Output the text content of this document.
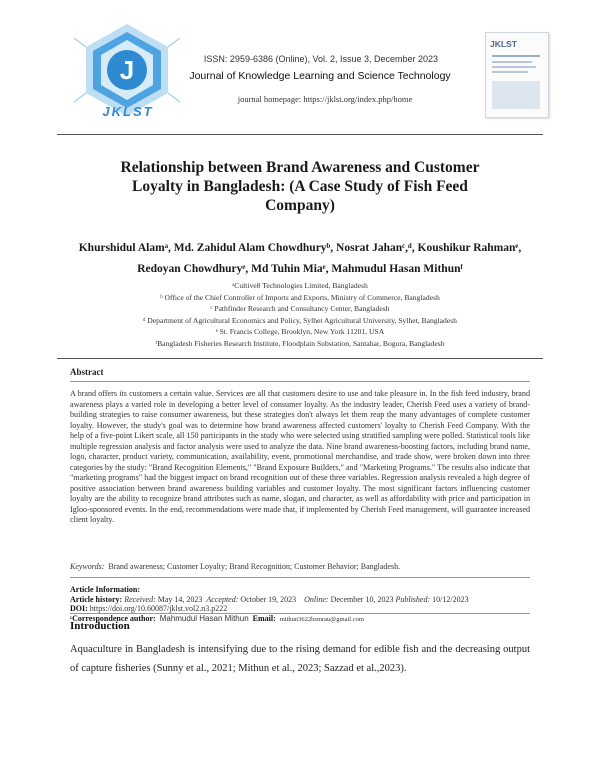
J
JKLST
ISSN: 2959-6386 (Online), Vol. 2, Issue 3, December 2023
Journal of Knowledge Learning and Science Technology
journal homepage: https://jklst.org/index.php/home
JKLST
Relationship between Brand Awareness and Customer
Loyalty in Bangladesh: (A Case Study of Fish Feed
Company)
Khurshidul Alamᵃ, Md. Zahidul Alam Chowdhuryᵇ, Nosrat Jahanᶜ,ᵈ, Koushikur Rahmanᵉ,
Redoyan Chowdhuryᵉ, Md Tuhin Miaᵉ, Mahmudul Hasan Mithunᶠ
ᵃCultive8 Technologies Limited, Bangladesh
ᵇ Office of the Chief Controller of Imports and Exports, Ministry of Commerce, Bangladesh
ᶜ Pathfinder Research and Consultancy Center, Bangladesh
ᵈ Department of Agricultural Economics and Policy, Sylhet Agricultural University, Sylhet, Bangladesh
ᵉ St. Francis College, Brooklyn, New York 11201, USA
ᶠBangladesh Fisheries Research Institute, Floodplain Substation, Santahar, Bogura, Bangladesh
Abstract
A brand offers its customers a certain value. Services are all that customers desire to use and take pleasure in. In the fish feed industry, brand awareness plays a varied role in developing a better level of consumer loyalty. As the industry leader, Cherish Feed uses a variety of brand-building strategies to raise consumer awareness, but these strategies don't always let them reap the many advantages of complete customer loyalty. However, the study's goal was to determine how brand awareness affected customers' loyalty to Cherish Feed Company. With the help of a five-point Likert scale, all 150 participants in the study who were selected using stratified sampling were polled. Statistical tools like multiple regression analysis and factor analysis were used to analyze the data. Nine brand awareness-boosting factors, including brand name, logo, character, product variety, communication, availability, event, promotional merchandise, and trade show, were broken down into three categories by the study: "Brand Recognition Elements," "Brand Exposure Builders," and "Marketing Programs." The results also indicate that "marketing programs" had the biggest impact on brand recognition out of these three variables. Regression analysis revealed a high degree of positive association between brand awareness building variables and customer loyalty. The most significant factors influencing customer loyalty are the ability to recognize brand attributes such as name, slogan, and character, as well as affordability with price and participation in Igloo-sponsored events. In the end, recommendations were made that, if implemented by Cherish Feed management, will guarantee increased client loyalty.
Keywords: Brand awareness; Customer Loyalty; Brand Recognition; Customer Behavior; Bangladesh.
Article Information:
Article history: Received: May 14, 2023 Accepted: October 19, 2023 Online: December 10, 2023 Published: 10/12/2023
DOI: https://doi.org/10.60087/jklst.vol2.n3.p222
ᶜCorrespondence author: Mahmudul Hasan Mithun Email: mithun3622bsmrau@gmail.com
Introduction
Aquaculture in Bangladesh is intensifying due to the rising demand for edible fish and the decreasing output of capture fisheries (Sunny et al., 2021; Mithun et al., 2023; Sazzad et al.,2023).
